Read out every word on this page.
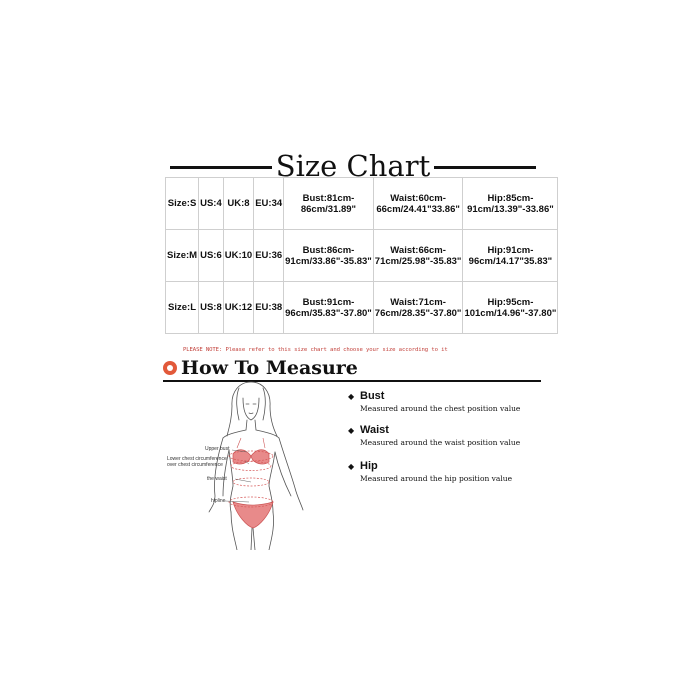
Size Chart
Size:S	US:4	UK:8	EU:34	Bust:81cm-86cm/31.89"	Waist:60cm-66cm/24.41"33.86"	Hip:85cm-91cm/13.39"-33.86"
Size:M	US:6	UK:10	EU:36	Bust:86cm-91cm/33.86"-35.83"	Waist:66cm-71cm/25.98"-35.83"	Hip:91cm-96cm/14.17"35.83"
Size:L	US:8	UK:12	EU:38	Bust:91cm-96cm/35.83"-37.80"	Waist:71cm-76cm/28.35"-37.80"	Hip:95cm-101cm/14.96"-37.80"
PLEASE NOTE: Please refer to this size chart and choose your size according to it
How To Measure
Upper bust
Lower chest circumference
over chest circumference
the waist
hipline
◆ Bust
Measured around the chest position value
◆ Waist
Measured around the waist position value
◆ Hip
Measured around the hip position value
